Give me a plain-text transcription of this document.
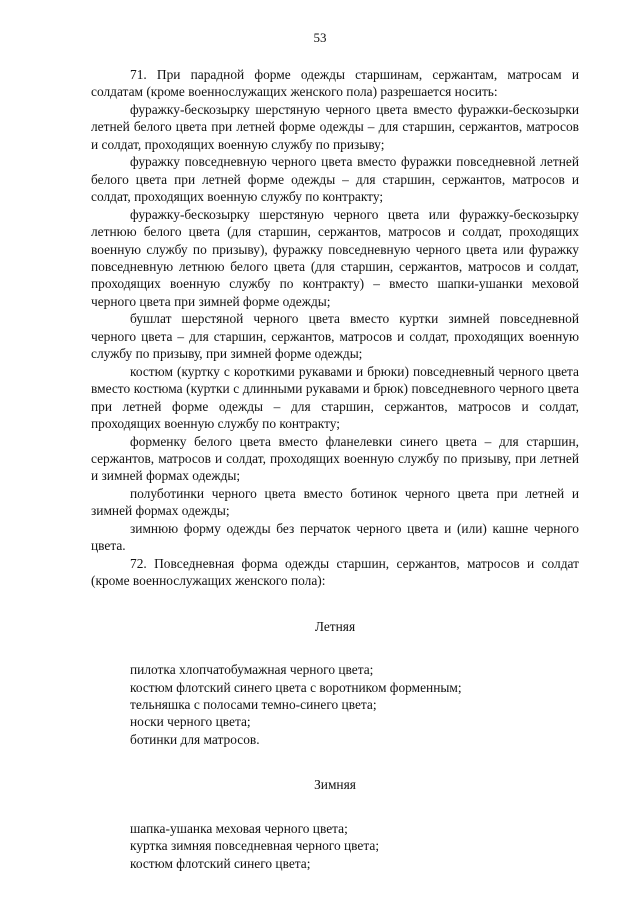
53

71. При парадной форме одежды старшинам, сержантам, матросам и солдатам (кроме военнослужащих женского пола) разрешается носить:

фуражку-бескозырку шерстяную черного цвета вместо фуражки-бескозырки летней белого цвета при летней форме одежды – для старшин, сержантов, матросов и солдат, проходящих военную службу по призыву;

фуражку повседневную черного цвета вместо фуражки повседневной летней белого цвета при летней форме одежды – для старшин, сержантов, матросов и солдат, проходящих военную службу по контракту;

фуражку-бескозырку шерстяную черного цвета или фуражку-бескозырку летнюю белого цвета (для старшин, сержантов, матросов и солдат, проходящих военную службу по призыву), фуражку повседневную черного цвета или фуражку повседневную летнюю белого цвета (для старшин, сержантов, матросов и солдат, проходящих военную службу по контракту) – вместо шапки-ушанки меховой черного цвета при зимней форме одежды;

бушлат шерстяной черного цвета вместо куртки зимней повседневной черного цвета – для старшин, сержантов, матросов и солдат, проходящих военную службу по призыву, при зимней форме одежды;

костюм (куртку с короткими рукавами и брюки) повседневный черного цвета вместо костюма (куртки с длинными рукавами и брюк) повседневного черного цвета при летней форме одежды – для старшин, сержантов, матросов и солдат, проходящих военную службу по контракту;

форменку белого цвета вместо фланелевки синего цвета – для старшин, сержантов, матросов и солдат, проходящих военную службу по призыву, при летней и зимней формах одежды;

полуботинки черного цвета вместо ботинок черного цвета при летней и зимней формах одежды;

зимнюю форму одежды без перчаток черного цвета и (или) кашне черного цвета.

72. Повседневная форма одежды старшин, сержантов, матросов и солдат (кроме военнослужащих женского пола):

Летняя

пилотка хлопчатобумажная черного цвета;

костюм флотский синего цвета с воротником форменным;

тельняшка с полосами темно-синего цвета;

носки черного цвета;

ботинки для матросов.

Зимняя

шапка-ушанка меховая черного цвета;

куртка зимняя повседневная черного цвета;

костюм флотский синего цвета;
